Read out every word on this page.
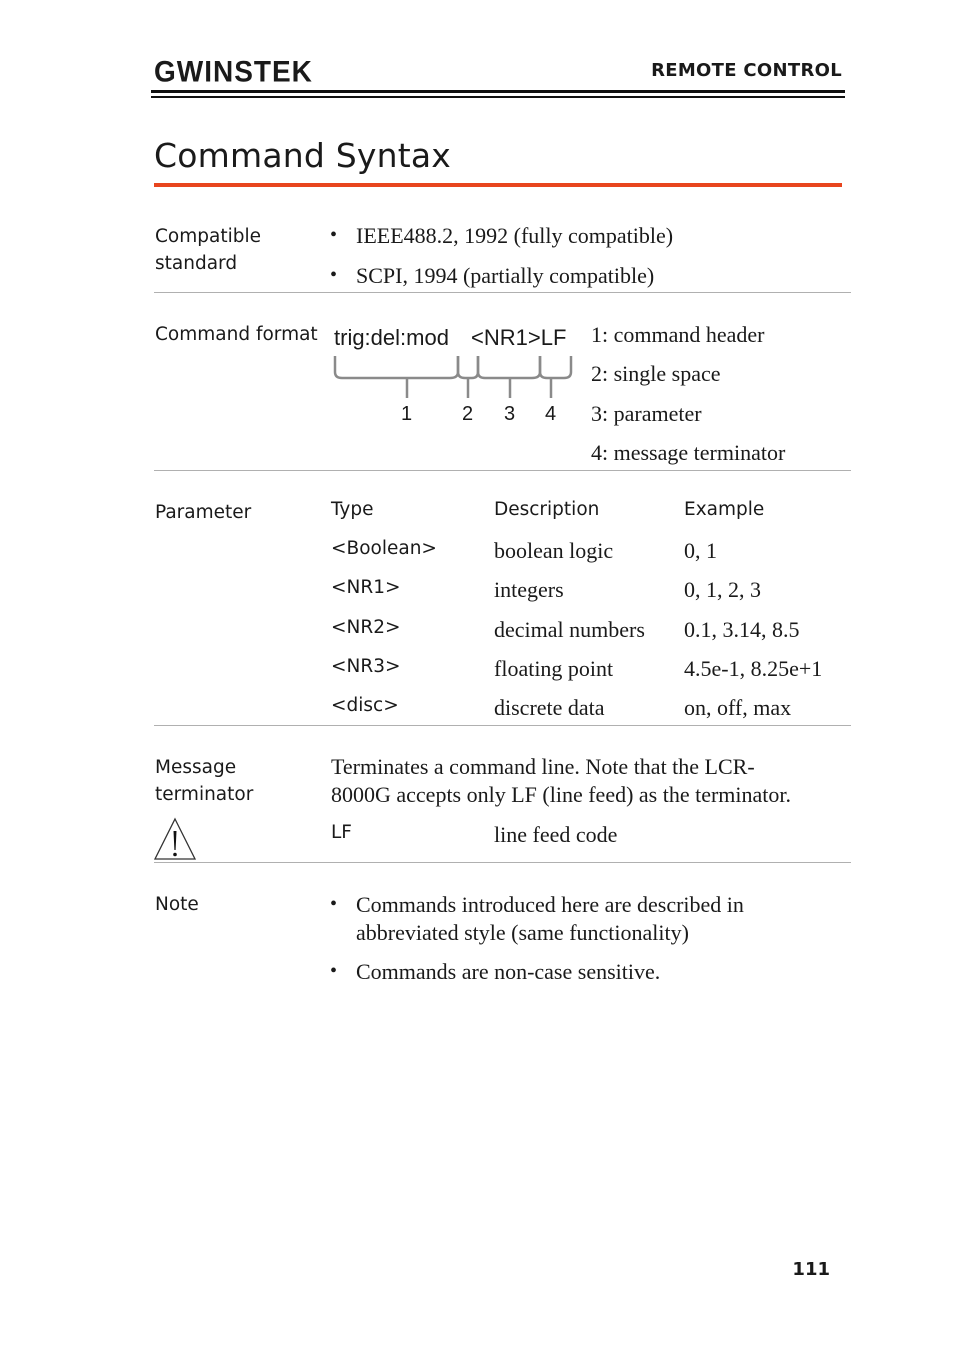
GWINSTEK	REMOTE CONTROL
Command Syntax
Compatible
standard
• IEEE488.2, 1992 (fully compatible)
• SCPI, 1994 (partially compatible)
Command format trig:del:mod <NR1>LF
1 2 3 4
1: command header
2: single space
3: parameter
4: message terminator
Parameter	Type	Description	Example
<Boolean>	boolean logic	0, 1
<NR1>	integers	0, 1, 2, 3
<NR2>	decimal numbers 0.1, 3.14, 8.5
<NR3>	floating point	4.5e-1, 8.25e+1
<disc>	discrete data	on, off, max
Message
terminator
Terminates a command line. Note that the LCR-
8000G accepts only LF (line feed) as the terminator.
LF	line feed code
Note	• Commands introduced here are described in
abbreviated style (same functionality)
• Commands are non-case sensitive.
111
